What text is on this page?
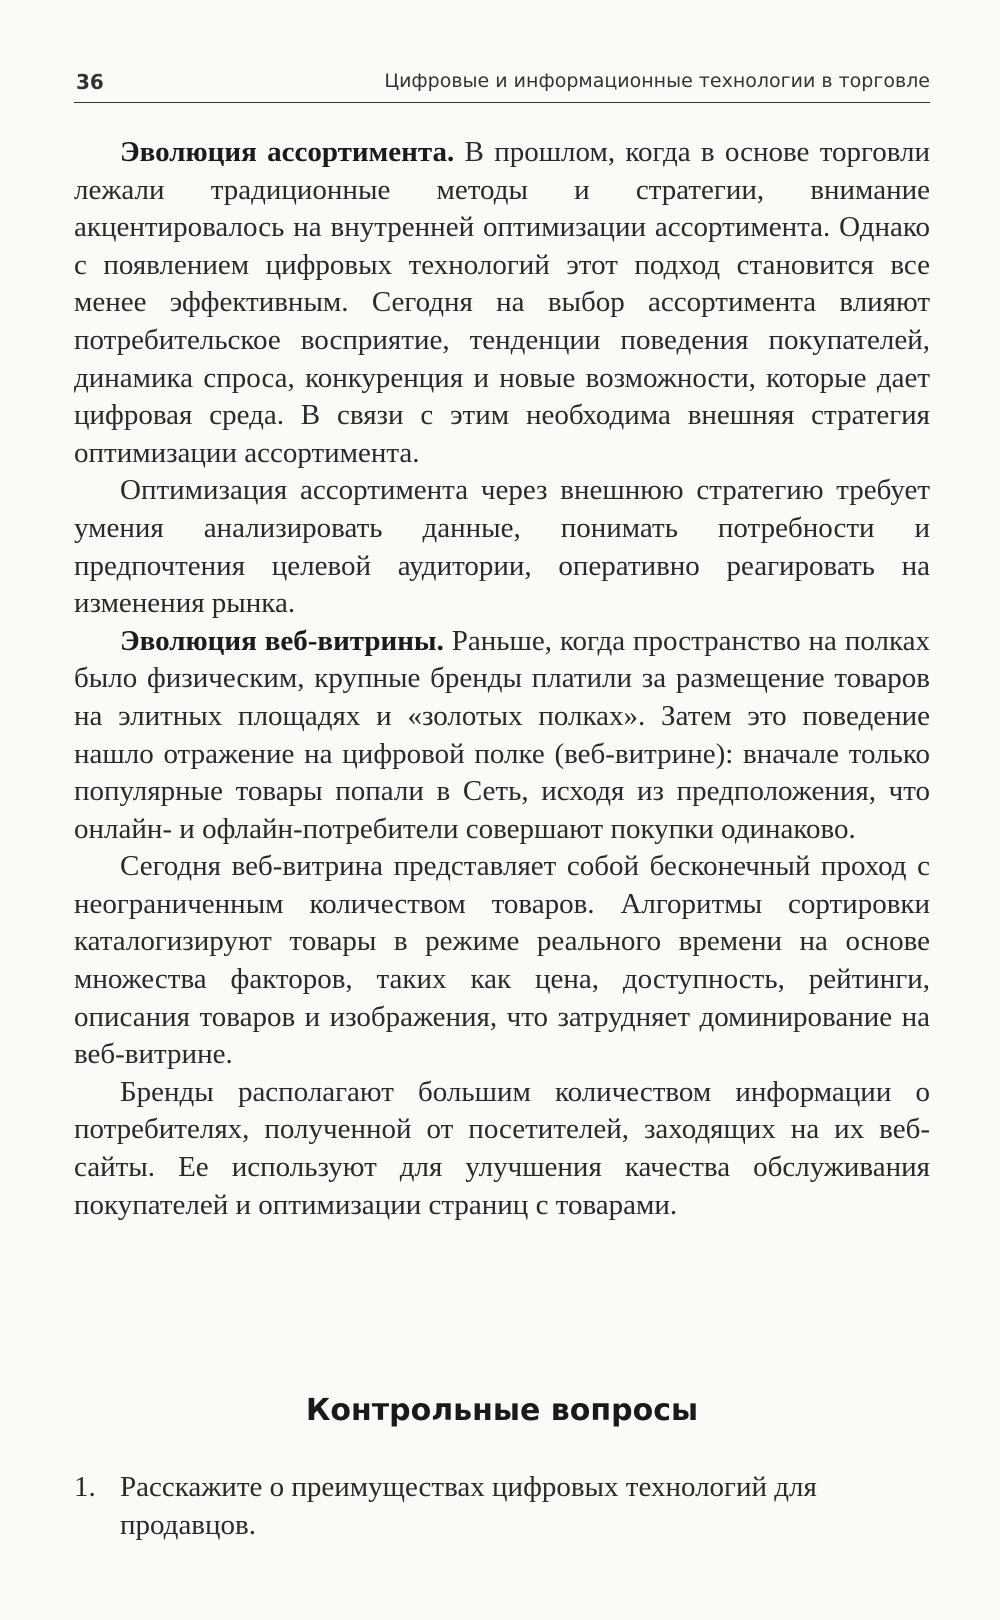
36	Цифровые и информационные технологии в торговле

Эволюция ассортимента. В прошлом, когда в основе торговли лежали традиционные методы и стратегии, внимание акцентировалось на внутренней оптимизации ассортимента. Однако с появлением цифровых технологий этот подход становится все менее эффективным. Сегодня на выбор ассортимента влияют потребительское восприятие, тенденции поведения покупателей, динамика спроса, конкуренция и новые возможности, которые дает цифровая среда. В связи с этим необходима внешняя стратегия оптимизации ассортимента.

Оптимизация ассортимента через внешнюю стратегию требует умения анализировать данные, понимать потребности и предпочтения целевой аудитории, оперативно реагировать на изменения рынка.

Эволюция веб-витрины. Раньше, когда пространство на полках было физическим, крупные бренды платили за размещение товаров на элитных площадях и «золотых полках». Затем это поведение нашло отражение на цифровой полке (веб-витрине): вначале только популярные товары попали в Сеть, исходя из предположения, что онлайн- и офлайн-потребители совершают покупки одинаково.

Сегодня веб-витрина представляет собой бесконечный проход с неограниченным количеством товаров. Алгоритмы сортировки каталогизируют товары в режиме реального времени на основе множества факторов, таких как цена, доступность, рейтинги, описания товаров и изображения, что затрудняет доминирование на веб-витрине.

Бренды располагают большим количеством информации о потребителях, полученной от посетителей, заходящих на их веб-сайты. Ее используют для улучшения качества обслуживания покупателей и оптимизации страниц с товарами.

Контрольные вопросы
1. Расскажите о преимуществах цифровых технологий для продавцов.
